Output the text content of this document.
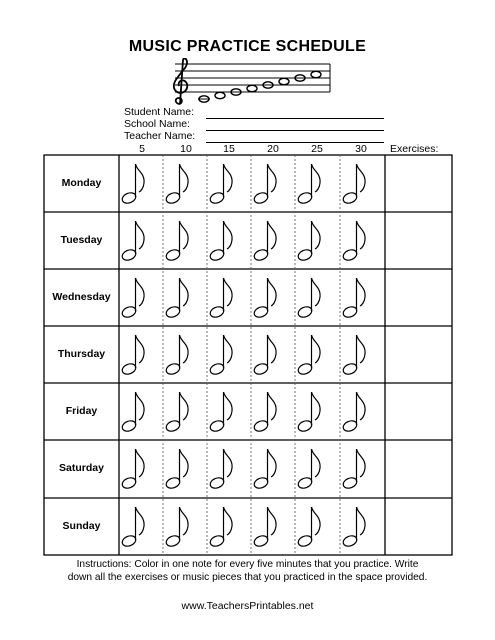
MUSIC PRACTICE SCHEDULE
Student Name:
School Name:
Teacher Name:
5	10	15	20	25	30	Exercises:
Monday
Tuesday
Wednesday
Thursday
Friday
Saturday
Sunday
Instructions: Color in one note for every five minutes that you practice. Write
down all the exercises or music pieces that you practiced in the space provided.
www.TeachersPrintables.net
